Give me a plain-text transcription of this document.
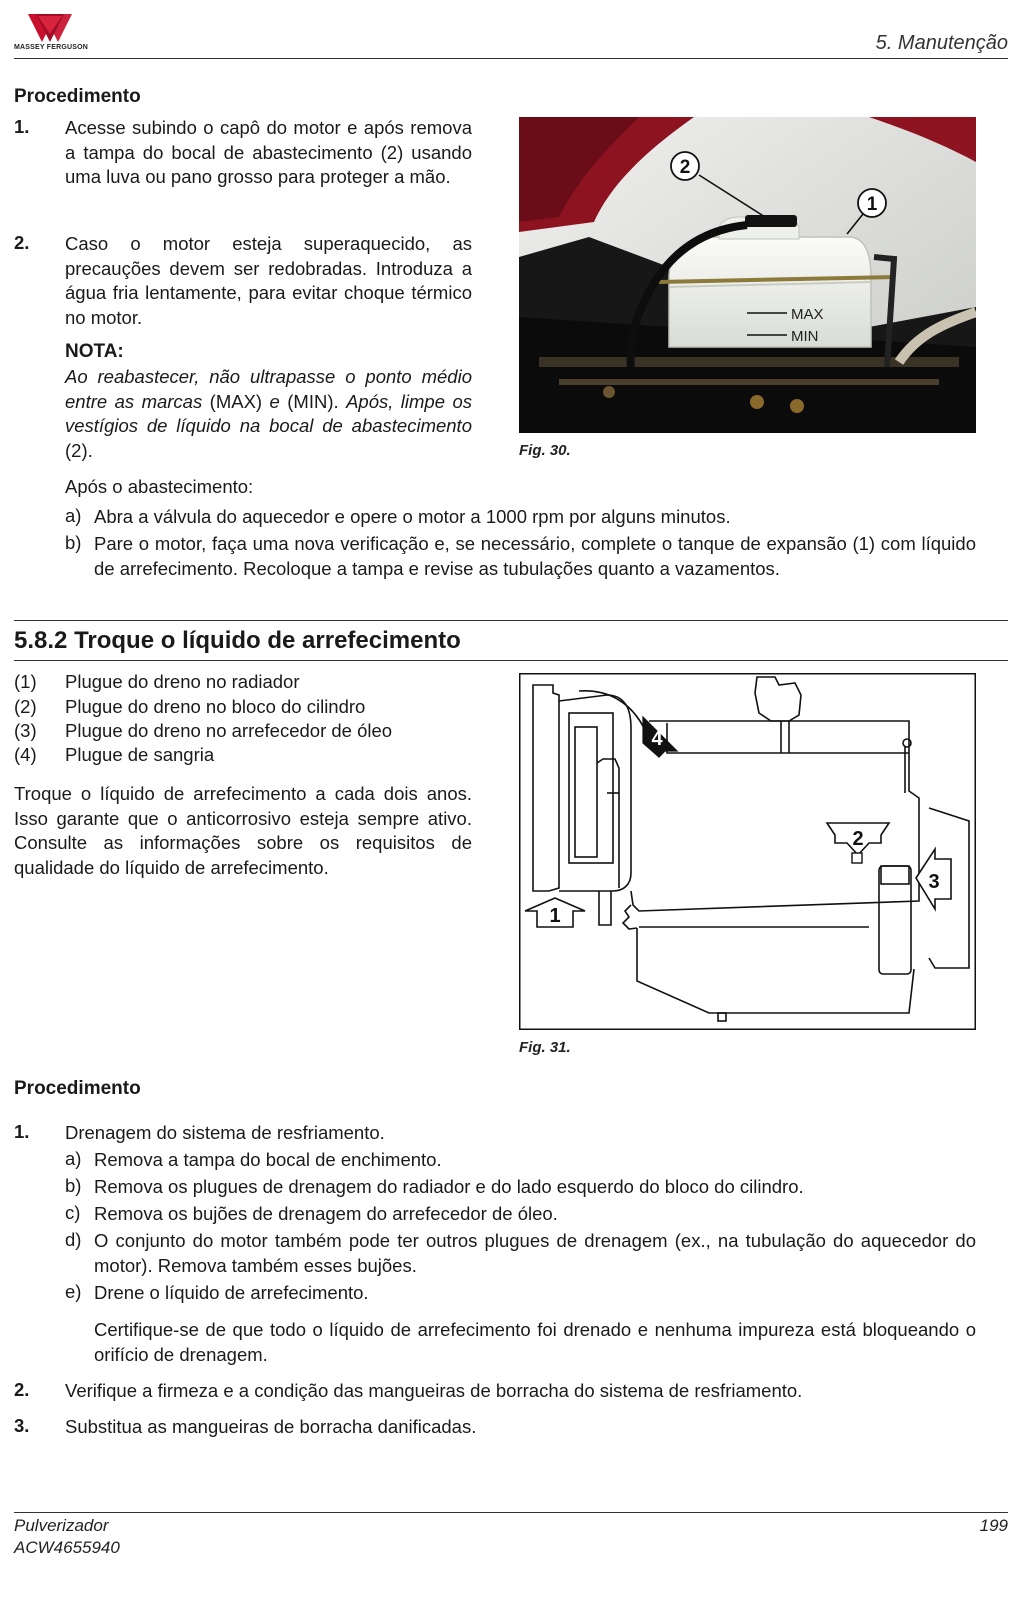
MASSEY FERGUSON	5. Manutenção
Procedimento
1. Acesse subindo o capô do motor e após remova a tampa do bocal de abastecimento (2) usando uma luva ou pano grosso para proteger a mão.
2. Caso o motor esteja superaquecido, as precauções devem ser redobradas. Introduza a água fria lentamente, para evitar choque térmico no motor.
NOTA:
Ao reabastecer, não ultrapasse o ponto médio entre as marcas (MAX) e (MIN). Após, limpe os vestígios de líquido na bocal de abastecimento (2).
MAX
MIN
2
1
Fig. 30.
Após o abastecimento:
a) Abra a válvula do aquecedor e opere o motor a 1000 rpm por alguns minutos.
b) Pare o motor, faça uma nova verificação e, se necessário, complete o tanque de expansão (1) com líquido de arrefecimento. Recoloque a tampa e revise as tubulações quanto a vazamentos.
5.8.2 Troque o líquido de arrefecimento
(1) Plugue do dreno no radiador
(2) Plugue do dreno no bloco do cilindro
(3) Plugue do dreno no arrefecedor de óleo
(4) Plugue de sangria
Troque o líquido de arrefecimento a cada dois anos. Isso garante que o anticorrosivo esteja sempre ativo. Consulte as informações sobre os requisitos de qualidade do líquido de arrefecimento.
1
2
3
4
Fig. 31.
Procedimento
1. Drenagem do sistema de resfriamento.
a) Remova a tampa do bocal de enchimento.
b) Remova os plugues de drenagem do radiador e do lado esquerdo do bloco do cilindro.
c) Remova os bujões de drenagem do arrefecedor de óleo.
d) O conjunto do motor também pode ter outros plugues de drenagem (ex., na tubulação do aquecedor do motor). Remova também esses bujões.
e) Drene o líquido de arrefecimento.
Certifique-se de que todo o líquido de arrefecimento foi drenado e nenhuma impureza está bloqueando o orifício de drenagem.
2. Verifique a firmeza e a condição das mangueiras de borracha do sistema de resfriamento.
3. Substitua as mangueiras de borracha danificadas.
Pulverizador
ACW4655940
199
